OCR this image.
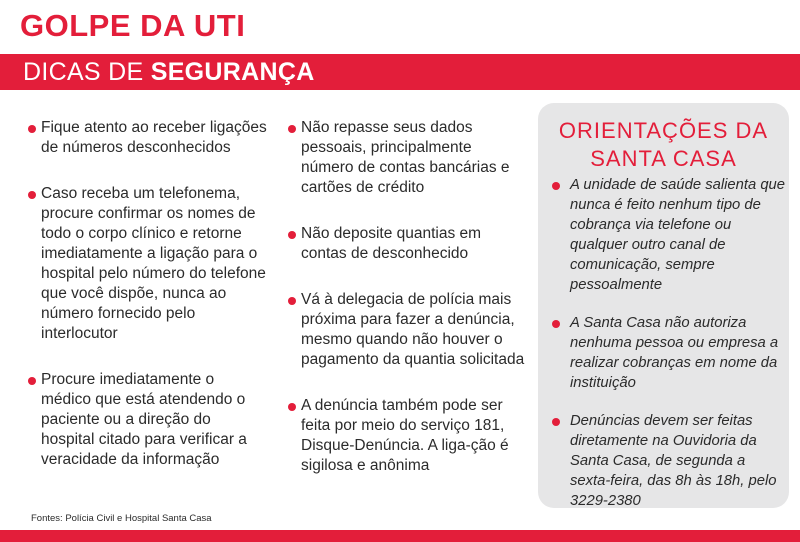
GOLPE DA UTI
DICAS DE SEGURANÇA
Fique atento ao receber ligações de números desconhecidos
Caso receba um telefonema, procure confirmar os nomes de todo o corpo clínico e retorne imediatamente a ligação para o hospital pelo número do telefone que você dispõe, nunca ao número fornecido pelo interlocutor
Procure imediatamente o médico que está atendendo o paciente ou a direção do hospital citado para verificar a veracidade da informação
Não repasse seus dados pessoais, principalmente número de contas bancárias e cartões de crédito
Não deposite quantias em contas de desconhecido
Vá à delegacia de polícia mais próxima para fazer a denúncia, mesmo quando não houver o pagamento da quantia solicitada
A denúncia também pode ser feita por meio do serviço 181, Disque-Denúncia. A liga-ção é sigilosa e anônima
ORIENTAÇÕES DA
SANTA CASA
A unidade de saúde salienta que nunca é feito nenhum tipo de cobrança via telefone ou qualquer outro canal de comunicação, sempre pessoalmente
A Santa Casa não autoriza nenhuma pessoa ou empresa a realizar cobranças em nome da instituição
Denúncias devem ser feitas diretamente na Ouvidoria da Santa Casa, de segunda a sexta-feira, das 8h às 18h, pelo 3229-2380
Fontes: Polícia Civil e Hospital Santa Casa
